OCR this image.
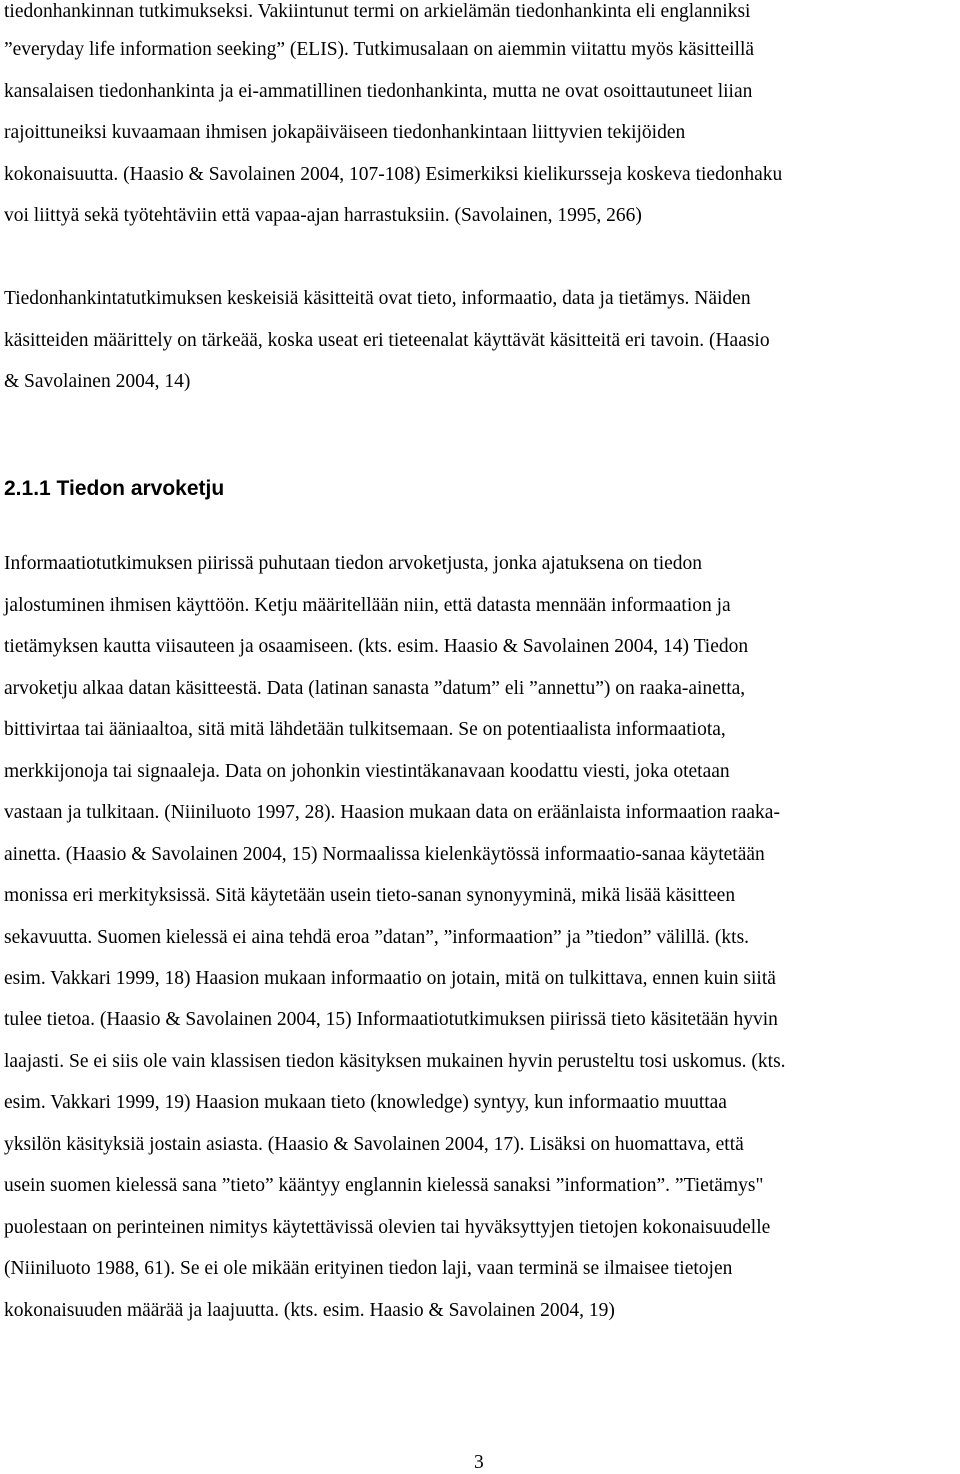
tiedonhankinnan tutkimukseksi. Vakiintunut termi on arkielämän tiedonhankinta eli englanniksi

”everyday life information seeking” (ELIS). Tutkimusalaan on aiemmin viitattu myös käsitteillä

kansalaisen tiedonhankinta ja ei-ammatillinen tiedonhankinta, mutta ne ovat osoittautuneet liian

rajoittuneiksi kuvaamaan ihmisen jokapäiväiseen tiedonhankintaan liittyvien tekijöiden

kokonaisuutta. (Haasio & Savolainen 2004, 107-108) Esimerkiksi kielikursseja koskeva tiedonhaku

voi liittyä sekä työtehtäviin että vapaa-ajan harrastuksiin. (Savolainen, 1995, 266)

Tiedonhankintatutkimuksen keskeisiä käsitteitä ovat tieto, informaatio, data ja tietämys. Näiden

käsitteiden määrittely on tärkeää, koska useat eri tieteenalat käyttävät käsitteitä eri tavoin. (Haasio

& Savolainen 2004, 14)

2.1.1 Tiedon arvoketju

Informaatiotutkimuksen piirissä puhutaan tiedon arvoketjusta, jonka ajatuksena on tiedon

jalostuminen ihmisen käyttöön. Ketju määritellään niin, että datasta mennään informaation ja

tietämyksen kautta viisauteen ja osaamiseen. (kts. esim. Haasio & Savolainen 2004, 14) Tiedon

arvoketju alkaa datan käsitteestä. Data (latinan sanasta ”datum” eli ”annettu”) on raaka-ainetta,

bittivirtaa tai ääniaaltoa, sitä mitä lähdetään tulkitsemaan. Se on potentiaalista informaatiota,

merkkijonoja tai signaaleja. Data on johonkin viestintäkanavaan koodattu viesti, joka otetaan

vastaan ja tulkitaan. (Niiniluoto 1997, 28). Haasion mukaan data on eräänlaista informaation raaka-

ainetta. (Haasio & Savolainen 2004, 15) Normaalissa kielenkäytössä informaatio-sanaa käytetään

monissa eri merkityksissä. Sitä käytetään usein tieto-sanan synonyyminä, mikä lisää käsitteen

sekavuutta. Suomen kielessä ei aina tehdä eroa ”datan”, ”informaation” ja ”tiedon” välillä. (kts.

esim. Vakkari 1999, 18) Haasion mukaan informaatio on jotain, mitä on tulkittava, ennen kuin siitä

tulee tietoa. (Haasio & Savolainen 2004, 15) Informaatiotutkimuksen piirissä tieto käsitetään hyvin

laajasti. Se ei siis ole vain klassisen tiedon käsityksen mukainen hyvin perusteltu tosi uskomus. (kts.

esim. Vakkari 1999, 19) Haasion mukaan tieto (knowledge) syntyy, kun informaatio muuttaa

yksilön käsityksiä jostain asiasta. (Haasio & Savolainen 2004, 17). Lisäksi on huomattava, että

usein suomen kielessä sana ”tieto” kääntyy englannin kielessä sanaksi ”information”. ”Tietämys"

puolestaan on perinteinen nimitys käytettävissä olevien tai hyväksyttyjen tietojen kokonaisuudelle

(Niiniluoto 1988, 61). Se ei ole mikään erityinen tiedon laji, vaan terminä se ilmaisee tietojen

kokonaisuuden määrää ja laajuutta. (kts. esim. Haasio & Savolainen 2004, 19)

3
